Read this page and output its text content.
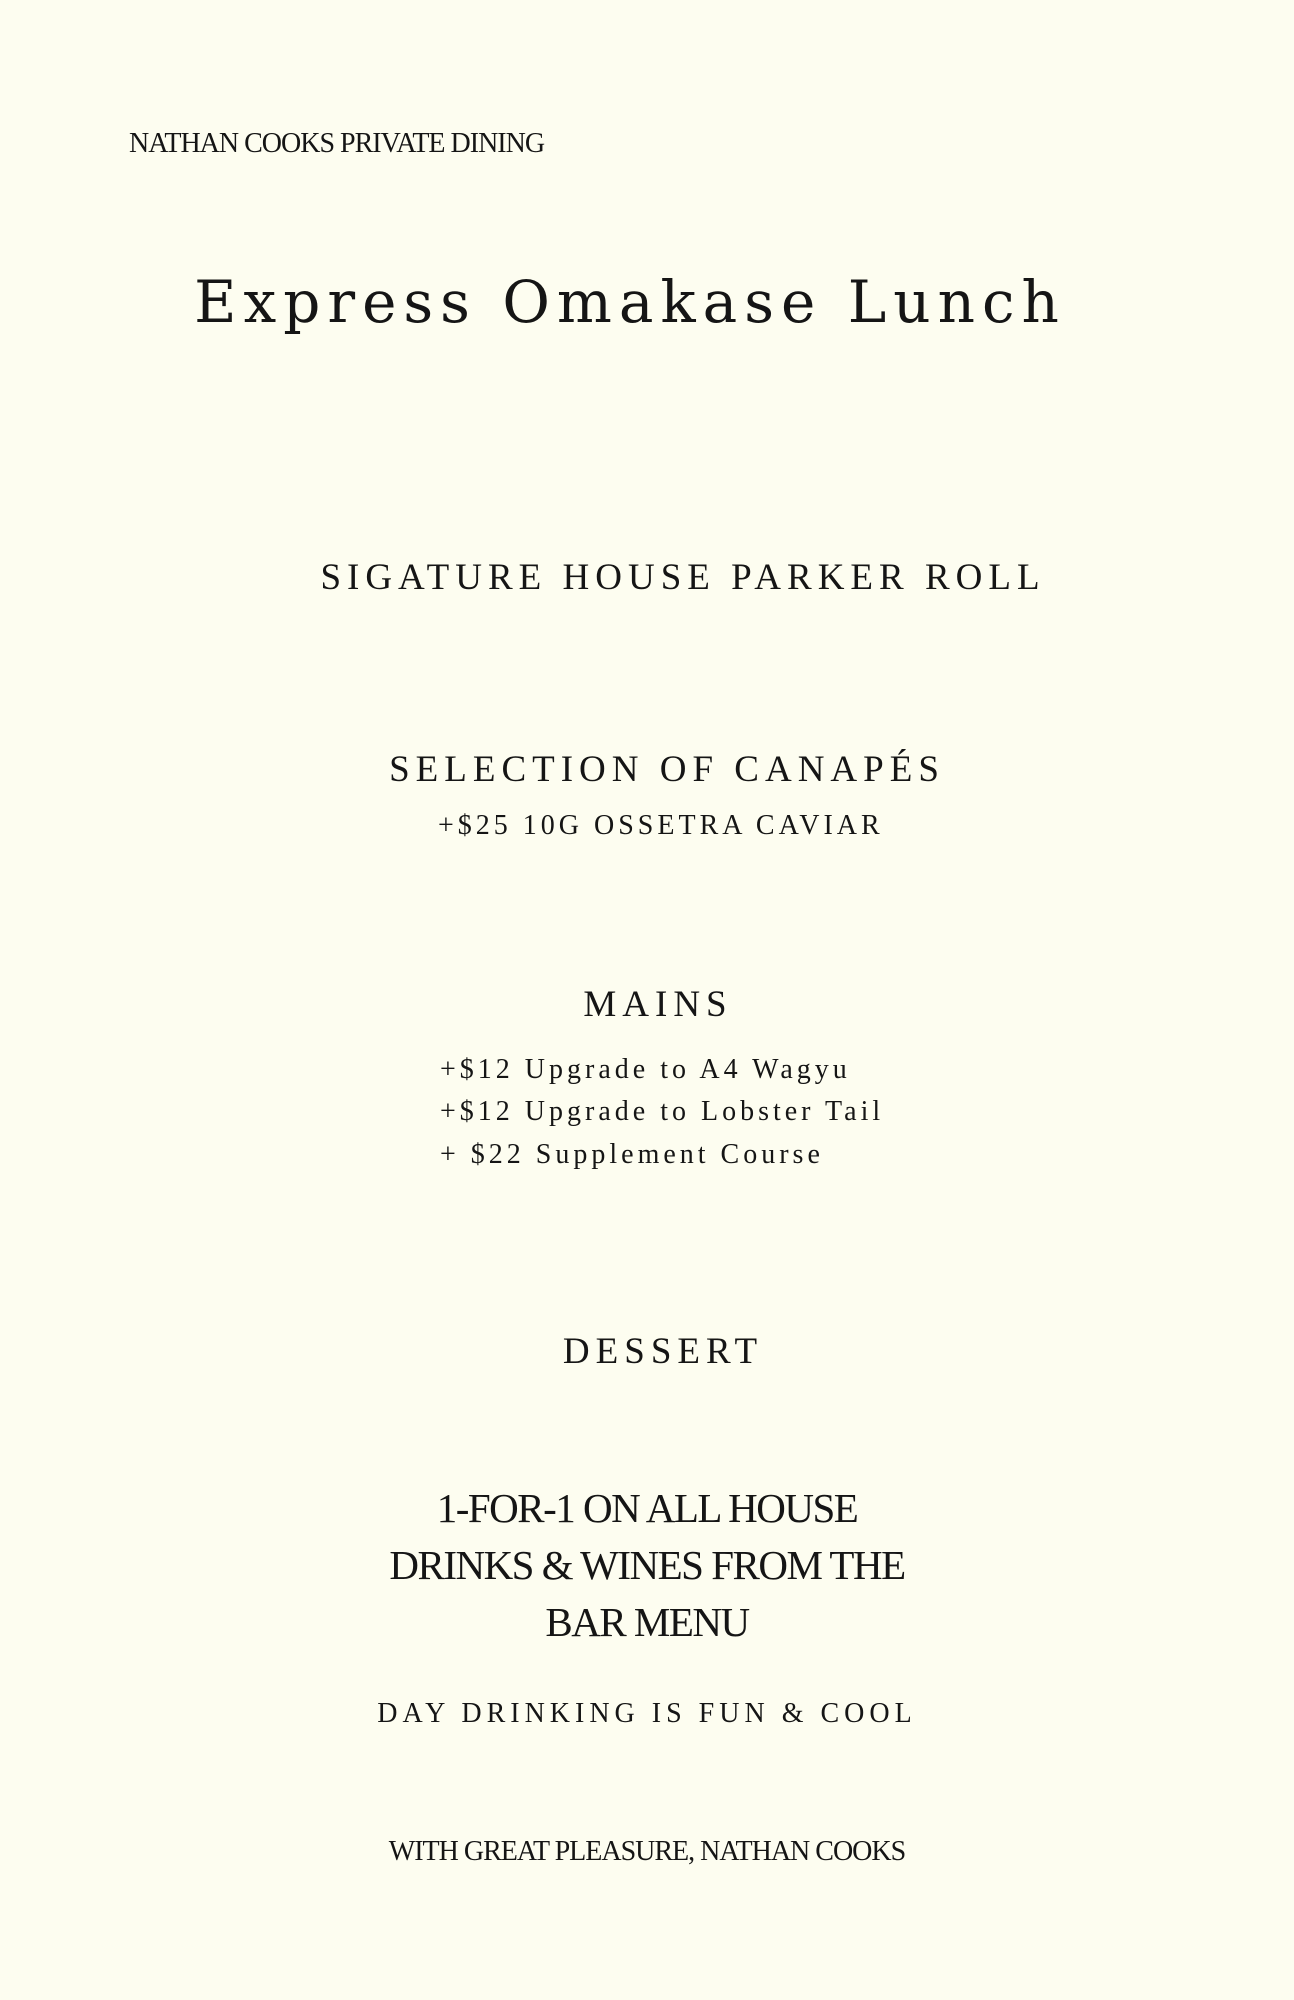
NATHAN COOKS PRIVATE DINING
Express Omakase Lunch
SIGATURE HOUSE PARKER ROLL
SELECTION OF CANAPÉS
+$25 10G OSSETRA CAVIAR
MAINS
+$12 Upgrade to A4 Wagyu
+$12 Upgrade to Lobster Tail
+ $22 Supplement Course
DESSERT
1-FOR-1 ON ALL HOUSE
DRINKS & WINES FROM THE
BAR MENU
DAY DRINKING IS FUN & COOL
WITH GREAT PLEASURE, NATHAN COOKS
